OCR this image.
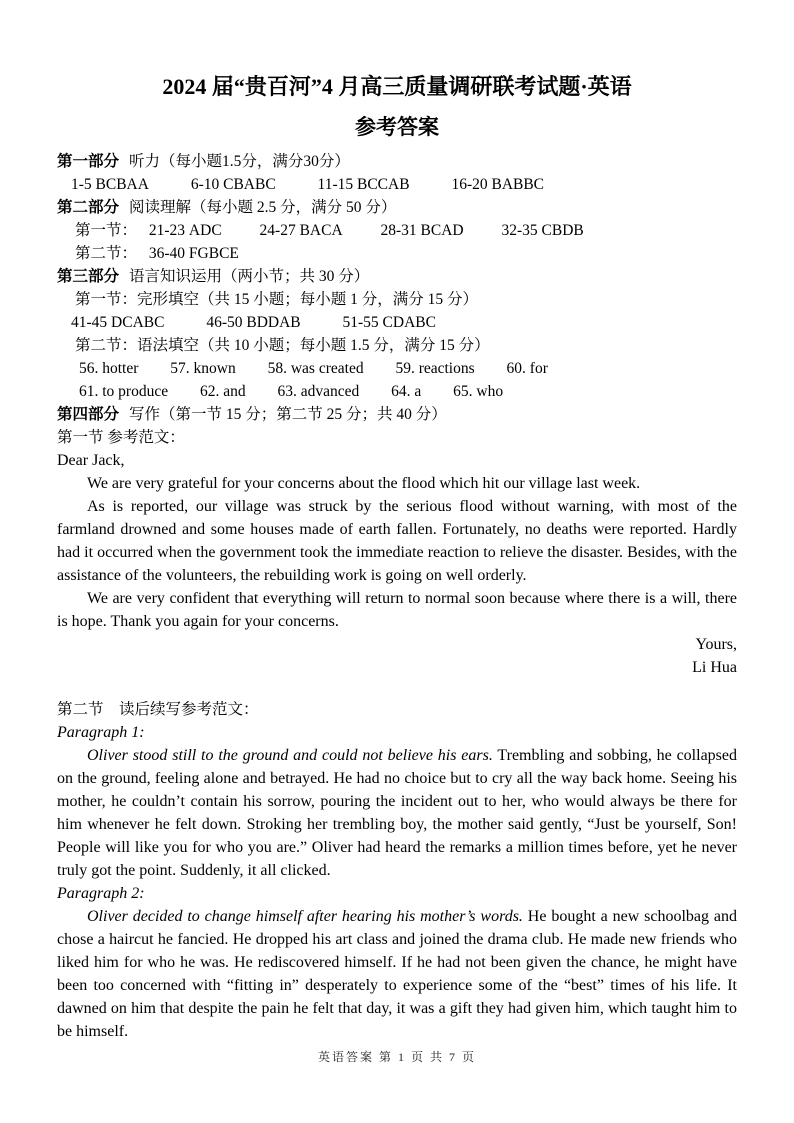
2024 届“贵百河”4 月高三质量调研联考试题·英语
参考答案
第一部分 听力（每小题1.5分，满分30分）
1-5 BCBAA	6-10 CBABC	11-15 BCCAB	16-20 BABBC
第二部分 阅读理解（每小题 2.5 分，满分 50 分）
第一节： 21-23 ADC 24-27 BACA 28-31 BCAD 32-35 CBDB
第二节： 36-40 FGBCE
第三部分 语言知识运用（两小节；共 30 分）
第一节：完形填空（共 15 小题；每小题 1 分，满分 15 分）
41-45 DCABC	46-50 BDDAB	51-55 CDABC
第二节：语法填空（共 10 小题；每小题 1.5 分，满分 15 分）
56. hotter 57. known 58. was created 59. reactions 60. for
61. to produce 62. and 63. advanced 64. a 65. who
第四部分 写作（第一节 15 分；第二节 25 分；共 40 分）
第一节 参考范文：

Dear Jack,

We are very grateful for your concerns about the flood which hit our village last week.

As is reported, our village was struck by the serious flood without warning, with most of the farmland drowned and some houses made of earth fallen. Fortunately, no deaths were reported. Hardly had it occurred when the government took the immediate reaction to relieve the disaster. Besides, with the assistance of the volunteers, the rebuilding work is going on well orderly.

We are very confident that everything will return to normal soon because where there is a will, there is hope. Thank you again for your concerns.

Yours,

Li Hua

第二节　读后续写参考范文：

Paragraph 1:

Oliver stood still to the ground and could not believe his ears. Trembling and sobbing, he collapsed on the ground, feeling alone and betrayed. He had no choice but to cry all the way back home. Seeing his mother, he couldn’t contain his sorrow, pouring the incident out to her, who would always be there for him whenever he felt down. Stroking her trembling boy, the mother said gently, “Just be yourself, Son! People will like you for who you are.” Oliver had heard the remarks a million times before, yet he never truly got the point. Suddenly, it all clicked.

Paragraph 2:

Oliver decided to change himself after hearing his mother’s words. He bought a new schoolbag and chose a haircut he fancied. He dropped his art class and joined the drama club. He made new friends who liked him for who he was. He rediscovered himself. If he had not been given the chance, he might have been too concerned with “fitting in” desperately to experience some of the “best” times of his life. It dawned on him that despite the pain he felt that day, it was a gift they had given him, which taught him to be himself.

英语答案 第 1 页 共 7 页
